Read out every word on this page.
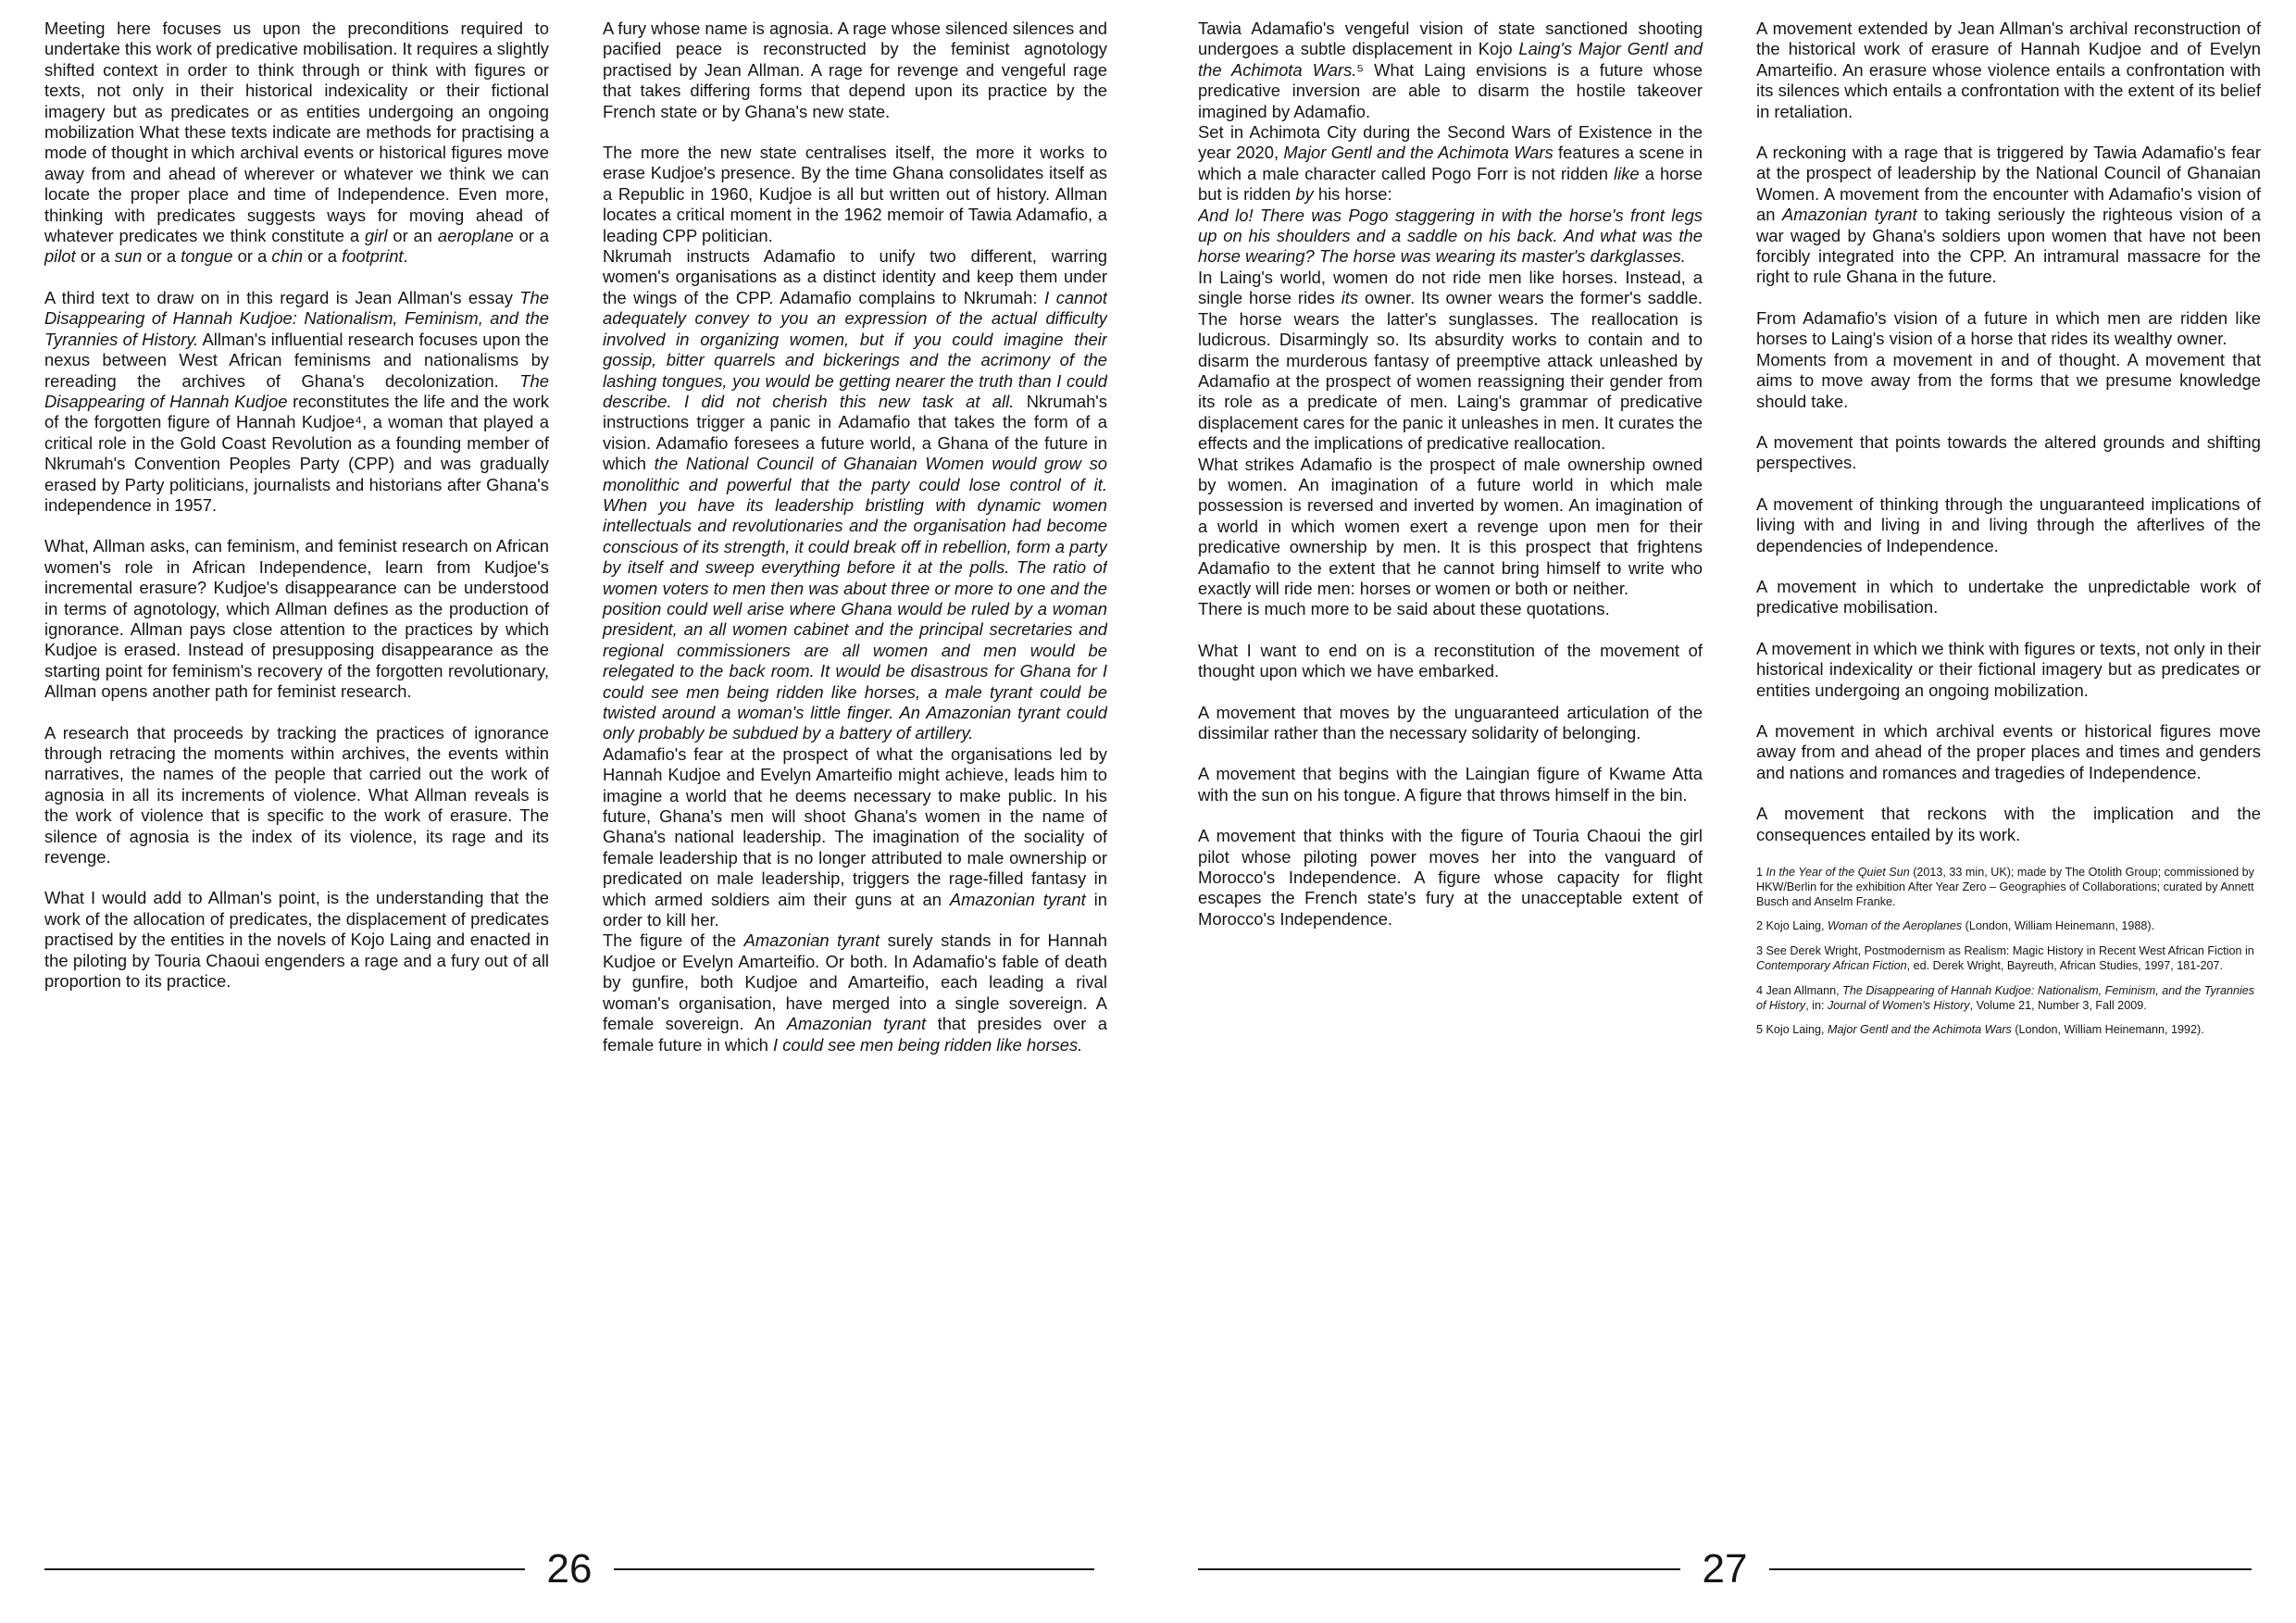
Meeting here focuses us upon the preconditions required to undertake this work of predicative mobilisation. It requires a slightly shifted context in order to think through or think with figures or texts, not only in their historical indexicality or their fictional imagery but as predicates or as entities undergoing an ongoing mobilization What these texts indicate are methods for practising a mode of thought in which archival events or historical figures move away from and ahead of wherever or whatever we think we can locate the proper place and time of Independence. Even more, thinking with predicates suggests ways for moving ahead of whatever predicates we think constitute a girl or an aeroplane or a pilot or a sun or a tongue or a chin or a footprint.

A third text to draw on in this regard is Jean Allman's essay The Disappearing of Hannah Kudjoe: Nationalism, Feminism, and the Tyrannies of History. Allman's influential research focuses upon the nexus between West African feminisms and nationalisms by rereading the archives of Ghana's decolonization. The Disappearing of Hannah Kudjoe reconstitutes the life and the work of the forgotten figure of Hannah Kudjoe⁴, a woman that played a critical role in the Gold Coast Revolution as a founding member of Nkrumah's Convention Peoples Party (CPP) and was gradually erased by Party politicians, journalists and historians after Ghana's independence in 1957.

What, Allman asks, can feminism, and feminist research on African women's role in African Independence, learn from Kudjoe's incremental erasure? Kudjoe's disappearance can be understood in terms of agnotology, which Allman defines as the production of ignorance. Allman pays close attention to the practices by which Kudjoe is erased. Instead of presupposing disappearance as the starting point for feminism's recovery of the forgotten revolutionary, Allman opens another path for feminist research.

A research that proceeds by tracking the practices of ignorance through retracing the moments within archives, the events within narratives, the names of the people that carried out the work of agnosia in all its increments of violence. What Allman reveals is the work of violence that is specific to the work of erasure. The silence of agnosia is the index of its violence, its rage and its revenge.

What I would add to Allman's point, is the understanding that the work of the allocation of predicates, the displacement of predicates practised by the entities in the novels of Kojo Laing and enacted in the piloting by Touria Chaoui engenders a rage and a fury out of all proportion to its practice.

A fury whose name is agnosia. A rage whose silenced silences and pacified peace is reconstructed by the feminist agnotology practised by Jean Allman. A rage for revenge and vengeful rage that takes differing forms that depend upon its practice by the French state or by Ghana's new state.

The more the new state centralises itself, the more it works to erase Kudjoe's presence. By the time Ghana consolidates itself as a Republic in 1960, Kudjoe is all but written out of history. Allman locates a critical moment in the 1962 memoir of Tawia Adamafio, a leading CPP politician.

Nkrumah instructs Adamafio to unify two different, warring women's organisations as a distinct identity and keep them under the wings of the CPP. Adamafio complains to Nkrumah: I cannot adequately convey to you an expression of the actual difficulty involved in organizing women, but if you could imagine their gossip, bitter quarrels and bickerings and the acrimony of the lashing tongues, you would be getting nearer the truth than I could describe. I did not cherish this new task at all. Nkrumah's instructions trigger a panic in Adamafio that takes the form of a vision. Adamafio foresees a future world, a Ghana of the future in which the National Council of Ghanaian Women would grow so monolithic and powerful that the party could lose control of it. When you have its leadership bristling with dynamic women intellectuals and revolutionaries and the organisation had become conscious of its strength, it could break off in rebellion, form a party by itself and sweep everything before it at the polls. The ratio of women voters to men then was about three or more to one and the position could well arise where Ghana would be ruled by a woman president, an all women cabinet and the principal secretaries and regional commissioners are all women and men would be relegated to the back room. It would be disastrous for Ghana for I could see men being ridden like horses, a male tyrant could be twisted around a woman's little finger. An Amazonian tyrant could only probably be subdued by a battery of artillery.

Adamafio's fear at the prospect of what the organisations led by Hannah Kudjoe and Evelyn Amarteifio might achieve, leads him to imagine a world that he deems necessary to make public. In his future, Ghana's men will shoot Ghana's women in the name of Ghana's national leadership. The imagination of the sociality of female leadership that is no longer attributed to male ownership or predicated on male leadership, triggers the rage-filled fantasy in which armed soldiers aim their guns at an Amazonian tyrant in order to kill her.

The figure of the Amazonian tyrant surely stands in for Hannah Kudjoe or Evelyn Amarteifio. Or both. In Adamafio's fable of death by gunfire, both Kudjoe and Amarteifio, each leading a rival woman's organisation, have merged into a single sovereign. A female sovereign. An Amazonian tyrant that presides over a female future in which I could see men being ridden like horses.

26

Tawia Adamafio's vengeful vision of state sanctioned shooting undergoes a subtle displacement in Kojo Laing's Major Gentl and the Achimota Wars.⁵ What Laing envisions is a future whose predicative inversion are able to disarm the hostile takeover imagined by Adamafio.

Set in Achimota City during the Second Wars of Existence in the year 2020, Major Gentl and the Achimota Wars features a scene in which a male character called Pogo Forr is not ridden like a horse but is ridden by his horse:

And lo! There was Pogo staggering in with the horse's front legs up on his shoulders and a saddle on his back. And what was the horse wearing? The horse was wearing its master's darkglasses.

In Laing's world, women do not ride men like horses. Instead, a single horse rides its owner. Its owner wears the former's saddle. The horse wears the latter's sunglasses. The reallocation is ludicrous. Disarmingly so. Its absurdity works to contain and to disarm the murderous fantasy of preemptive attack unleashed by Adamafio at the prospect of women reassigning their gender from its role as a predicate of men. Laing's grammar of predicative displacement cares for the panic it unleashes in men. It curates the effects and the implications of predicative reallocation.

What strikes Adamafio is the prospect of male ownership owned by women. An imagination of a future world in which male possession is reversed and inverted by women. An imagination of a world in which women exert a revenge upon men for their predicative ownership by men. It is this prospect that frightens Adamafio to the extent that he cannot bring himself to write who exactly will ride men: horses or women or both or neither.

There is much more to be said about these quotations.

What I want to end on is a reconstitution of the movement of thought upon which we have embarked.

A movement that moves by the unguaranteed articulation of the dissimilar rather than the necessary solidarity of belonging.

A movement that begins with the Laingian figure of Kwame Atta with the sun on his tongue. A figure that throws himself in the bin.

A movement that thinks with the figure of Touria Chaoui the girl pilot whose piloting power moves her into the vanguard of Morocco's Independence. A figure whose capacity for flight escapes the French state's fury at the unacceptable extent of Morocco's Independence.

A movement extended by Jean Allman's archival reconstruction of the historical work of erasure of Hannah Kudjoe and of Evelyn Amarteifio. An erasure whose violence entails a confrontation with its silences which entails a confrontation with the extent of its belief in retaliation.

A reckoning with a rage that is triggered by Tawia Adamafio's fear at the prospect of leadership by the National Council of Ghanaian Women. A movement from the encounter with Adamafio's vision of an Amazonian tyrant to taking seriously the righteous vision of a war waged by Ghana's soldiers upon women that have not been forcibly integrated into the CPP. An intramural massacre for the right to rule Ghana in the future.

From Adamafio's vision of a future in which men are ridden like horses to Laing's vision of a horse that rides its wealthy owner.

Moments from a movement in and of thought. A movement that aims to move away from the forms that we presume knowledge should take.

A movement that points towards the altered grounds and shifting perspectives.

A movement of thinking through the unguaranteed implications of living with and living in and living through the afterlives of the dependencies of Independence.

A movement in which to undertake the unpredictable work of predicative mobilisation.

A movement in which we think with figures or texts, not only in their historical indexicality or their fictional imagery but as predicates or entities undergoing an ongoing mobilization.

A movement in which archival events or historical figures move away from and ahead of the proper places and times and genders and nations and romances and tragedies of Independence.

A movement that reckons with the implication and the consequences entailed by its work.

1 In the Year of the Quiet Sun (2013, 33 min, UK); made by The Otolith Group; commissioned by HKW/Berlin for the exhibition After Year Zero – Geographies of Collaborations; curated by Annett Busch and Anselm Franke.

2 Kojo Laing, Woman of the Aeroplanes (London, William Heinemann, 1988).

3 See Derek Wright, Postmodernism as Realism: Magic History in Recent West African Fiction in Contemporary African Fiction, ed. Derek Wright, Bayreuth, African Studies, 1997, 181-207.

4 Jean Allmann, The Disappearing of Hannah Kudjoe: Nationalism, Feminism, and the Tyrannies of History, in: Journal of Women's History, Volume 21, Number 3, Fall 2009.

5 Kojo Laing, Major Gentl and the Achimota Wars (London, William Heinemann, 1992).

27
